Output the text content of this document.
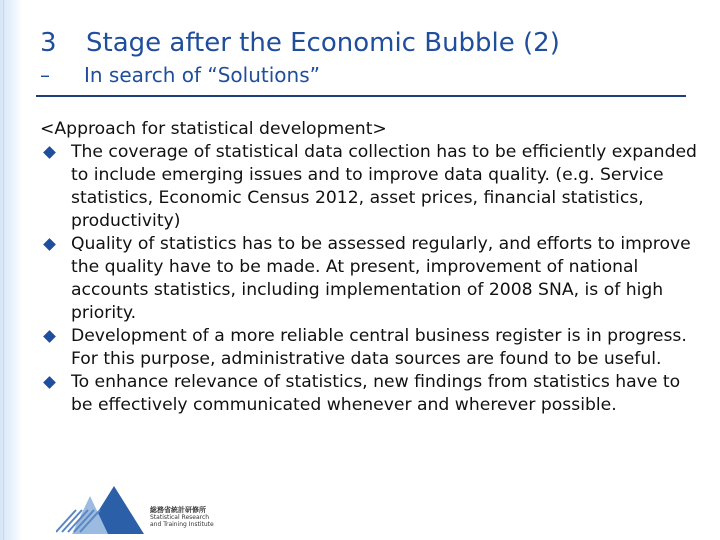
3 Stage after the Economic Bubble (2)
– In search of “Solutions”

<Approach for statistical development>

The coverage of statistical data collection has to be efficiently expanded to include emerging issues and to improve data quality. (e.g. Service statistics, Economic Census 2012, asset prices, financial statistics, productivity)
Quality of statistics has to be assessed regularly, and efforts to improve the quality have to be made. At present, improvement of national accounts statistics, including implementation of 2008 SNA, is of high priority.
Development of a more reliable central business register is in progress. For this purpose, administrative data sources are found to be useful.
To enhance relevance of statistics, new findings from statistics have to be effectively communicated whenever and wherever possible.
総務省統計研修所
Statistical Research
and Training Institute
